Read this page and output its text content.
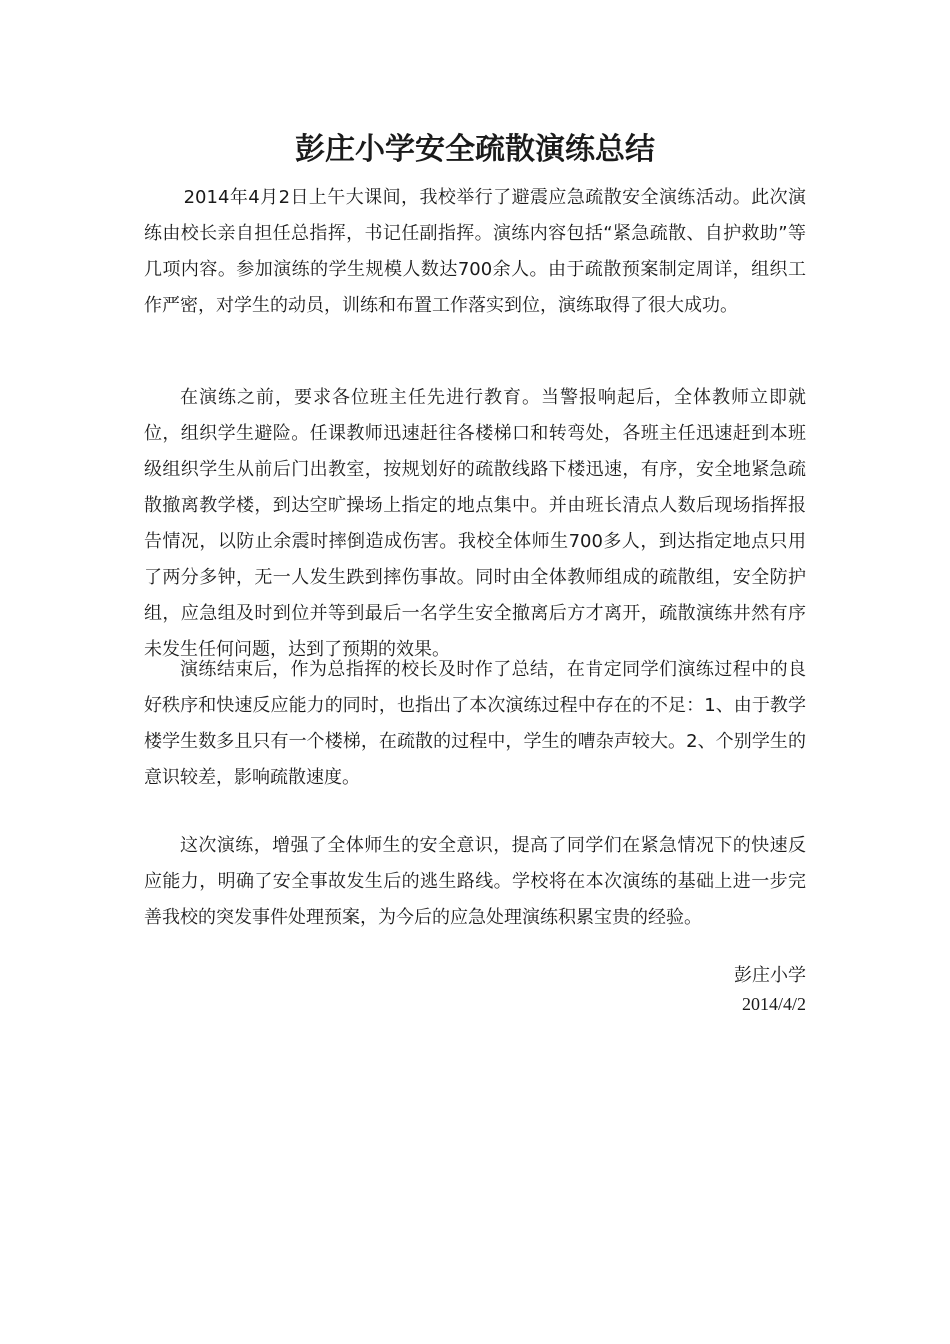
彭庄小学安全疏散演练总结

2014年4月2日上午大课间，我校举行了避震应急疏散安全演练活动。此次演练由校长亲自担任总指挥，书记任副指挥。演练内容包括“紧急疏散、自护救助”等几项内容。参加演练的学生规模人数达700余人。由于疏散预案制定周详，组织工作严密，对学生的动员，训练和布置工作落实到位，演练取得了很大成功。

在演练之前，要求各位班主任先进行教育。当警报响起后，全体教师立即就位，组织学生避险。任课教师迅速赶往各楼梯口和转弯处，各班主任迅速赶到本班级组织学生从前后门出教室，按规划好的疏散线路下楼迅速，有序，安全地紧急疏散撤离教学楼，到达空旷操场上指定的地点集中。并由班长清点人数后现场指挥报告情况，以防止余震时摔倒造成伤害。我校全体师生700多人，到达指定地点只用了两分多钟，无一人发生跌到摔伤事故。同时由全体教师组成的疏散组，安全防护组，应急组及时到位并等到最后一名学生安全撤离后方才离开，疏散演练井然有序未发生任何问题，达到了预期的效果。

演练结束后，作为总指挥的校长及时作了总结，在肯定同学们演练过程中的良好秩序和快速反应能力的同时，也指出了本次演练过程中存在的不足：1、由于教学楼学生数多且只有一个楼梯，在疏散的过程中，学生的嘈杂声较大。2、个别学生的意识较差，影响疏散速度。

这次演练，增强了全体师生的安全意识，提高了同学们在紧急情况下的快速反应能力，明确了安全事故发生后的逃生路线。学校将在本次演练的基础上进一步完善我校的突发事件处理预案，为今后的应急处理演练积累宝贵的经验。

彭庄小学
2014/4/2
